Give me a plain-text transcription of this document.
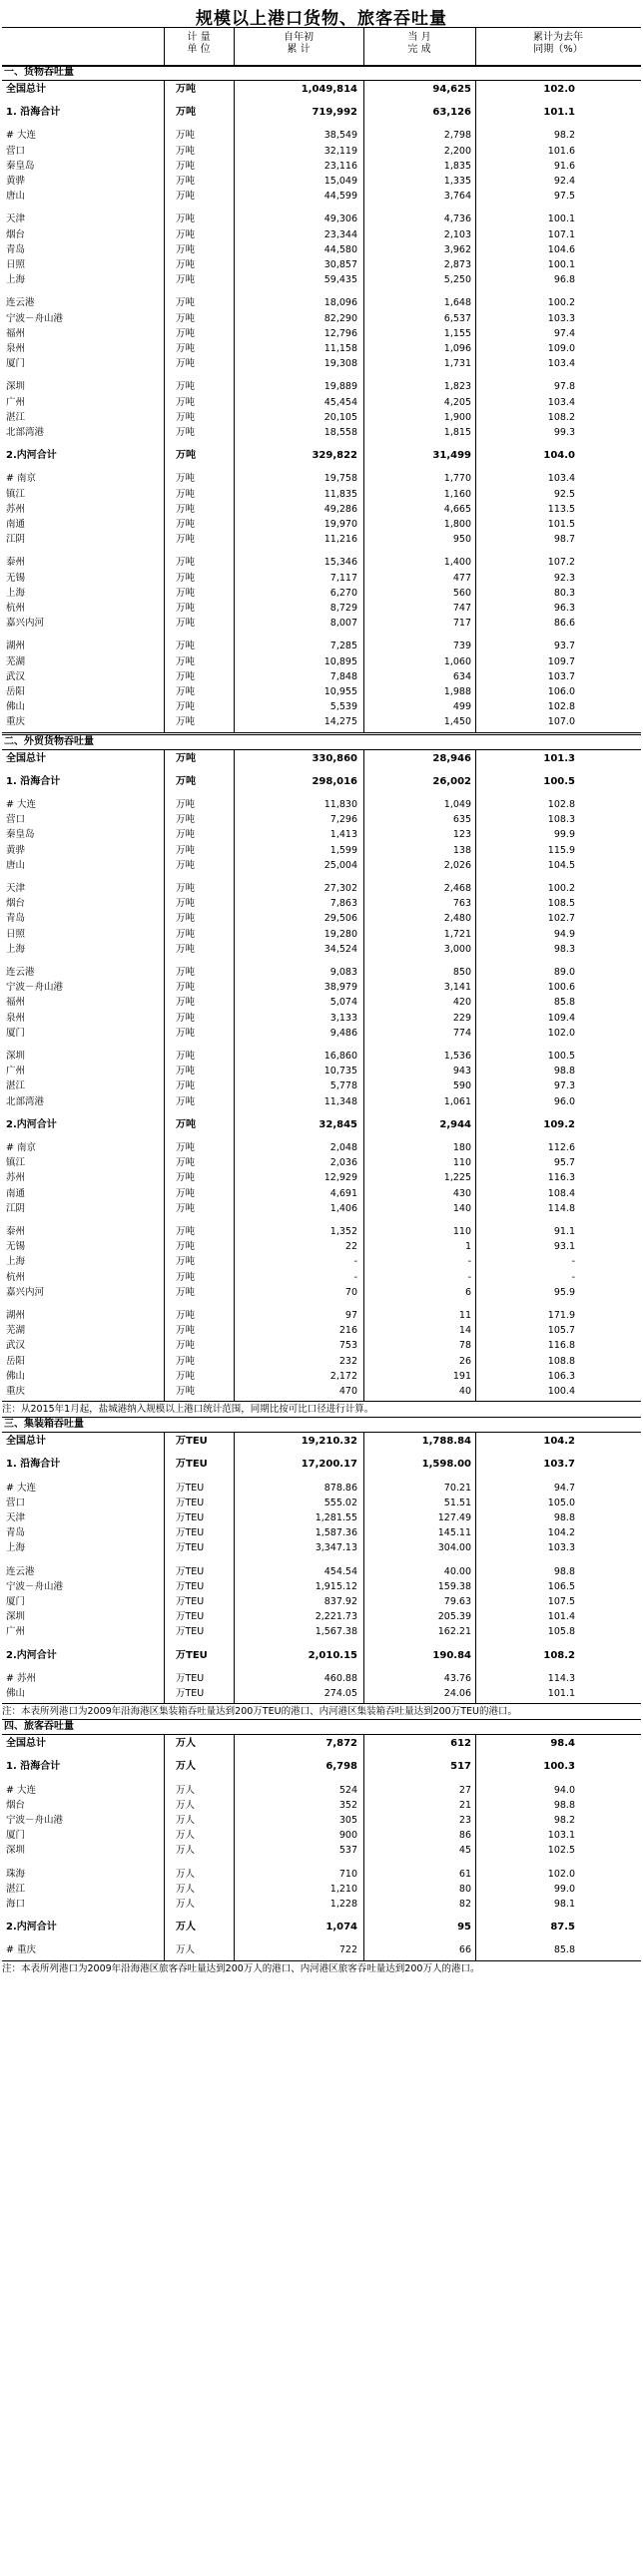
规模以上港口货物、旅客吞吐量
计 量
单 位
自年初
累 计
当 月
完 成
累计为去年
同期（%）
一、货物吞吐量
全国总计	万吨	1,049,814	94,625	102.0
1. 沿海合计	万吨	719,992	63,126	101.1
# 大连	万吨	38,549	2,798	98.2
营口	万吨	32,119	2,200	101.6
秦皇岛	万吨	23,116	1,835	91.6
黄骅	万吨	15,049	1,335	92.4
唐山	万吨	44,599	3,764	97.5
天津	万吨	49,306	4,736	100.1
烟台	万吨	23,344	2,103	107.1
青岛	万吨	44,580	3,962	104.6
日照	万吨	30,857	2,873	100.1
上海	万吨	59,435	5,250	96.8
连云港	万吨	18,096	1,648	100.2
宁波－舟山港	万吨	82,290	6,537	103.3
福州	万吨	12,796	1,155	97.4
泉州	万吨	11,158	1,096	109.0
厦门	万吨	19,308	1,731	103.4
深圳	万吨	19,889	1,823	97.8
广州	万吨	45,454	4,205	103.4
湛江	万吨	20,105	1,900	108.2
北部湾港	万吨	18,558	1,815	99.3
2.内河合计	万吨	329,822	31,499	104.0
# 南京	万吨	19,758	1,770	103.4
镇江	万吨	11,835	1,160	92.5
苏州	万吨	49,286	4,665	113.5
南通	万吨	19,970	1,800	101.5
江阴	万吨	11,216	950	98.7
泰州	万吨	15,346	1,400	107.2
无锡	万吨	7,117	477	92.3
上海	万吨	6,270	560	80.3
杭州	万吨	8,729	747	96.3
嘉兴内河	万吨	8,007	717	86.6
湖州	万吨	7,285	739	93.7
芜湖	万吨	10,895	1,060	109.7
武汉	万吨	7,848	634	103.7
岳阳	万吨	10,955	1,988	106.0
佛山	万吨	5,539	499	102.8
重庆	万吨	14,275	1,450	107.0
二、外贸货物吞吐量
全国总计	万吨	330,860	28,946	101.3
1. 沿海合计	万吨	298,016	26,002	100.5
# 大连	万吨	11,830	1,049	102.8
营口	万吨	7,296	635	108.3
秦皇岛	万吨	1,413	123	99.9
黄骅	万吨	1,599	138	115.9
唐山	万吨	25,004	2,026	104.5
天津	万吨	27,302	2,468	100.2
烟台	万吨	7,863	763	108.5
青岛	万吨	29,506	2,480	102.7
日照	万吨	19,280	1,721	94.9
上海	万吨	34,524	3,000	98.3
连云港	万吨	9,083	850	89.0
宁波－舟山港	万吨	38,979	3,141	100.6
福州	万吨	5,074	420	85.8
泉州	万吨	3,133	229	109.4
厦门	万吨	9,486	774	102.0
深圳	万吨	16,860	1,536	100.5
广州	万吨	10,735	943	98.8
湛江	万吨	5,778	590	97.3
北部湾港	万吨	11,348	1,061	96.0
2.内河合计	万吨	32,845	2,944	109.2
# 南京	万吨	2,048	180	112.6
镇江	万吨	2,036	110	95.7
苏州	万吨	12,929	1,225	116.3
南通	万吨	4,691	430	108.4
江阴	万吨	1,406	140	114.8
泰州	万吨	1,352	110	91.1
无锡	万吨	22	1	93.1
上海	万吨	-	-	-
杭州	万吨	-	-	-
嘉兴内河	万吨	70	6	95.9
湖州	万吨	97	11	171.9
芜湖	万吨	216	14	105.7
武汉	万吨	753	78	116.8
岳阳	万吨	232	26	108.8
佛山	万吨	2,172	191	106.3
重庆	万吨	470	40	100.4
注：从2015年1月起，盐城港纳入规模以上港口统计范围，同期比按可比口径进行计算。
三、集装箱吞吐量
全国总计	万TEU	19,210.32	1,788.84	104.2
1. 沿海合计	万TEU	17,200.17	1,598.00	103.7
# 大连	万TEU	878.86	70.21	94.7
营口	万TEU	555.02	51.51	105.0
天津	万TEU	1,281.55	127.49	98.8
青岛	万TEU	1,587.36	145.11	104.2
上海	万TEU	3,347.13	304.00	103.3
连云港	万TEU	454.54	40.00	98.8
宁波－舟山港	万TEU	1,915.12	159.38	106.5
厦门	万TEU	837.92	79.63	107.5
深圳	万TEU	2,221.73	205.39	101.4
广州	万TEU	1,567.38	162.21	105.8
2.内河合计	万TEU	2,010.15	190.84	108.2
# 苏州	万TEU	460.88	43.76	114.3
佛山	万TEU	274.05	24.06	101.1
注：本表所列港口为2009年沿海港区集装箱吞吐量达到200万TEU的港口、内河港区集装箱吞吐量达到200万TEU的港口。
四、旅客吞吐量
全国总计	万人	7,872	612	98.4
1. 沿海合计	万人	6,798	517	100.3
# 大连	万人	524	27	94.0
烟台	万人	352	21	98.8
宁波－舟山港	万人	305	23	98.2
厦门	万人	900	86	103.1
深圳	万人	537	45	102.5
珠海	万人	710	61	102.0
湛江	万人	1,210	80	99.0
海口	万人	1,228	82	98.1
2.内河合计	万人	1,074	95	87.5
# 重庆	万人	722	66	85.8
注：本表所列港口为2009年沿海港区旅客吞吐量达到200万人的港口、内河港区旅客吞吐量达到200万人的港口。
